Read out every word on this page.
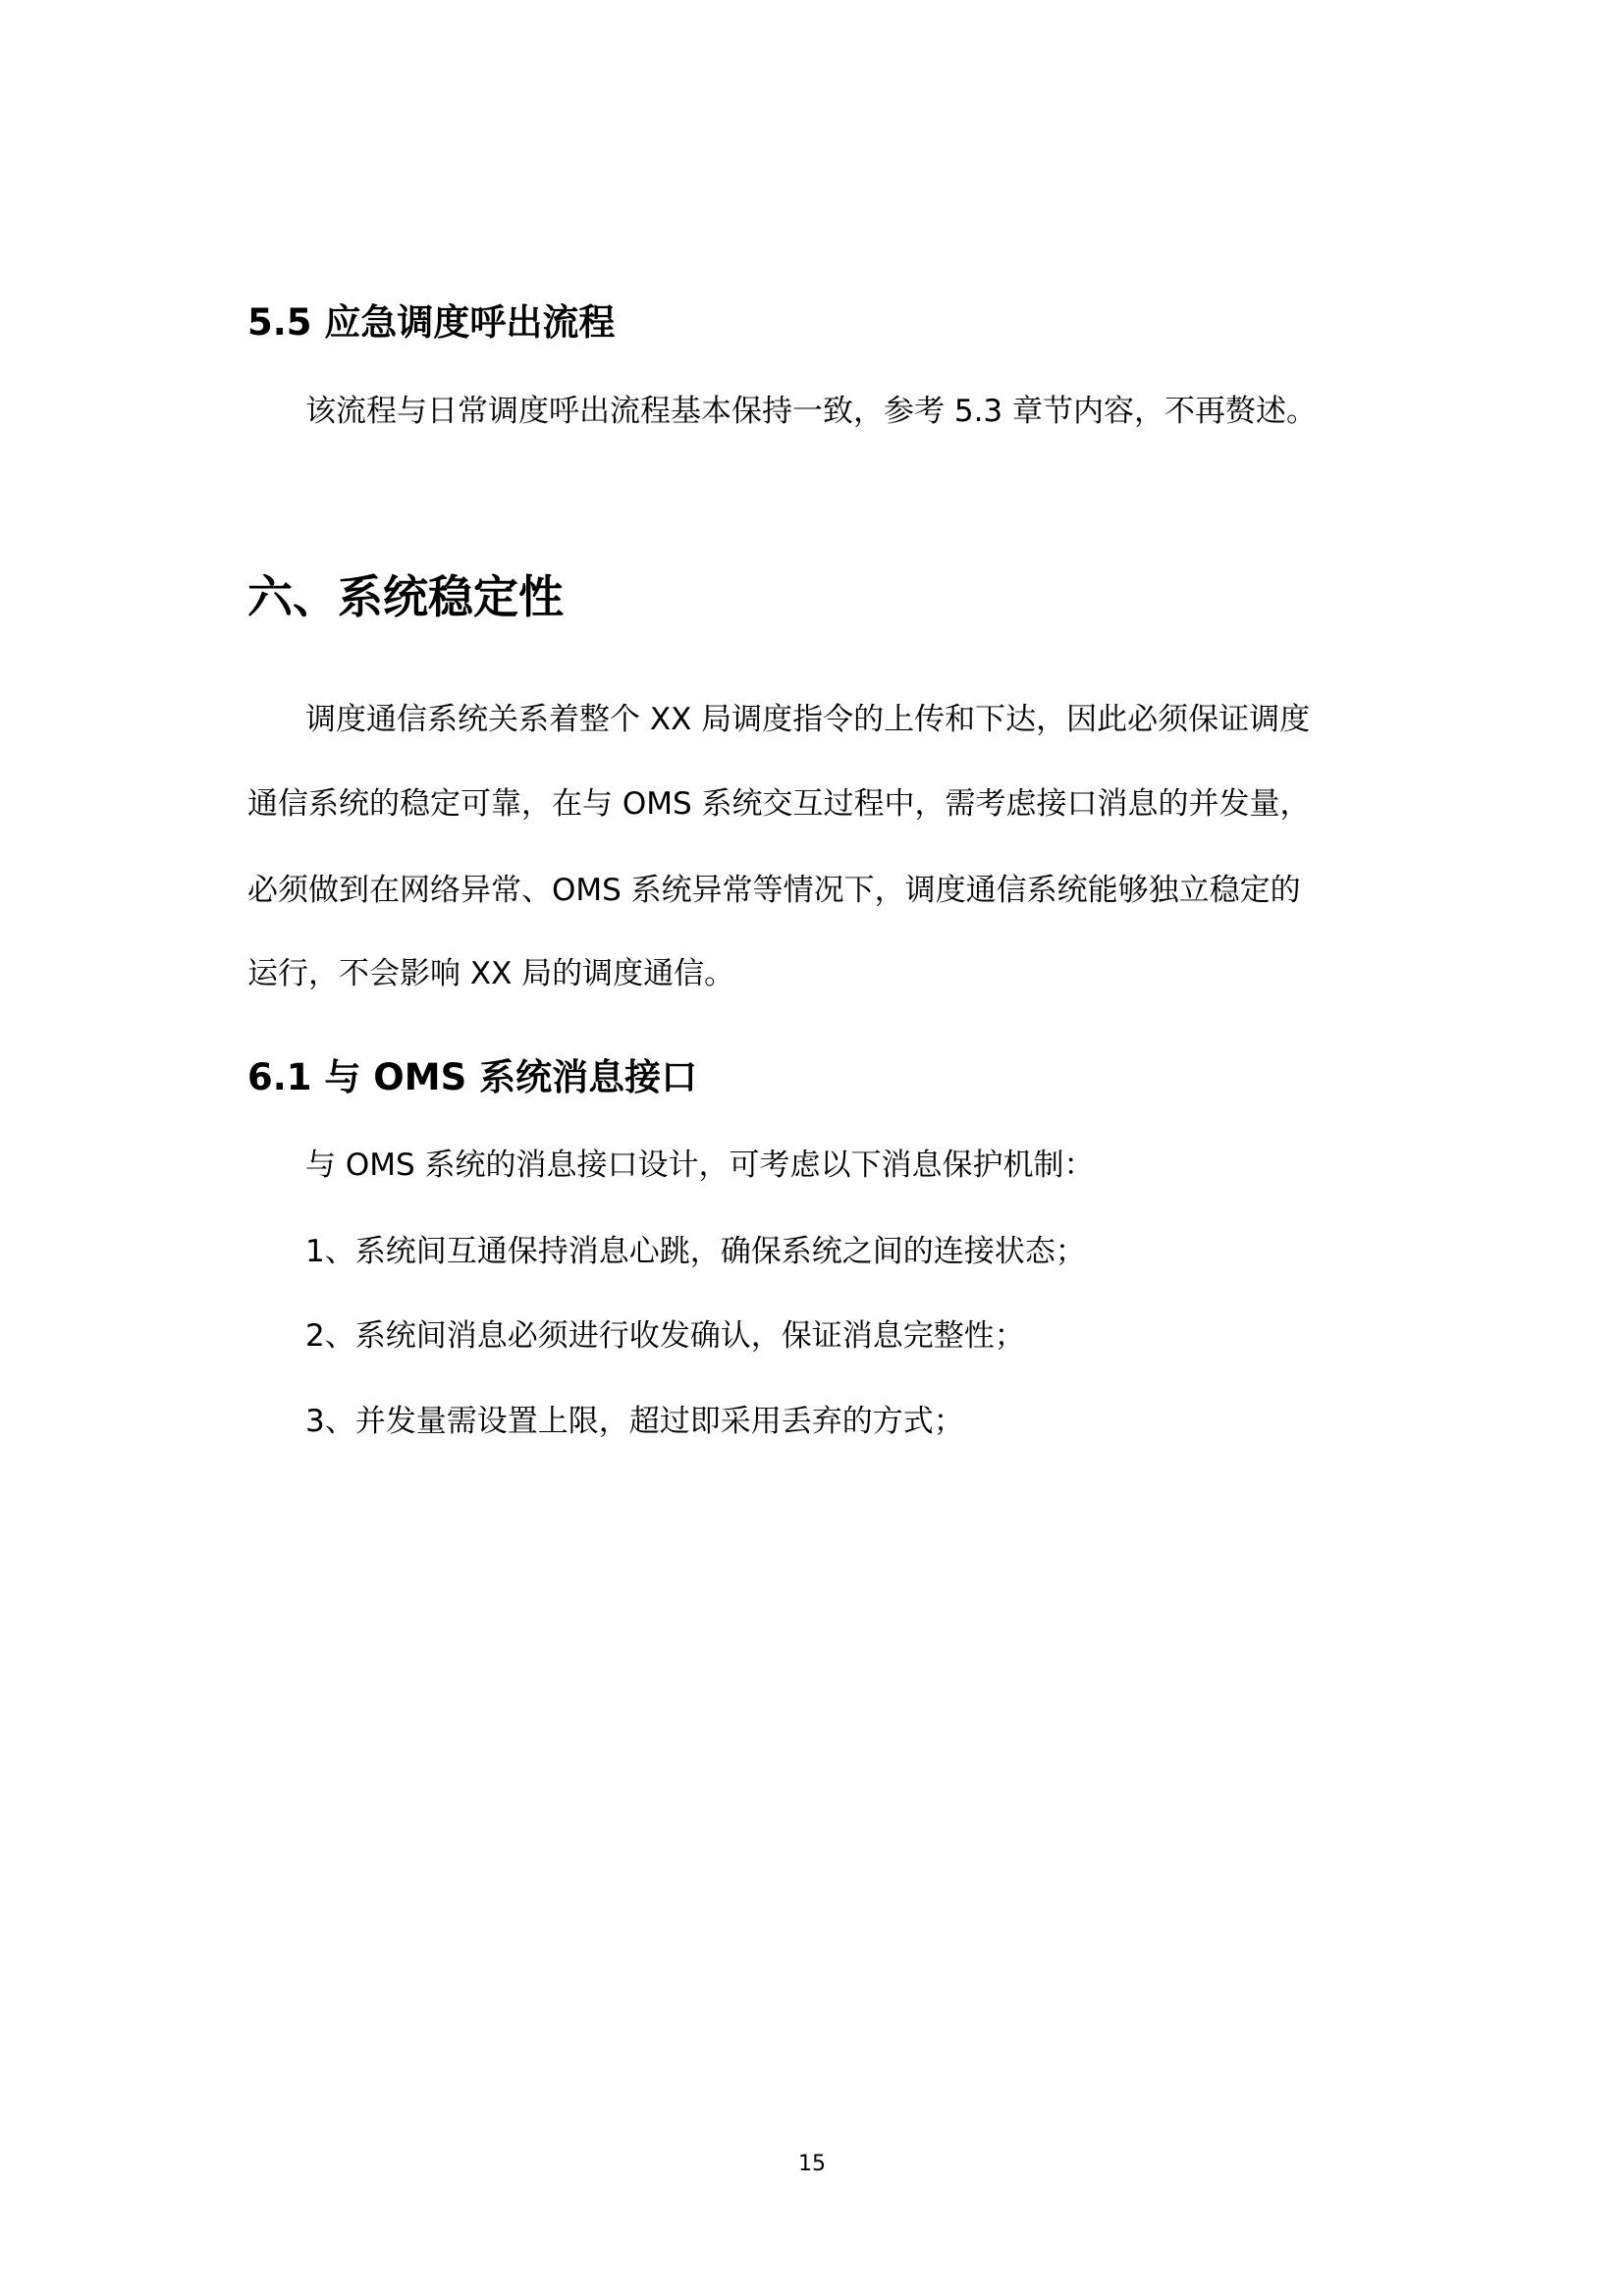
5.5 应急调度呼出流程
该流程与日常调度呼出流程基本保持一致，参考 5.3 章节内容，不再赘述。
六、系统稳定性
调度通信系统关系着整个 XX 局调度指令的上传和下达，因此必须保证调度
通信系统的稳定可靠，在与 OMS 系统交互过程中，需考虑接口消息的并发量，
必须做到在网络异常、OMS 系统异常等情况下，调度通信系统能够独立稳定的
运行，不会影响 XX 局的调度通信。
6.1 与 OMS 系统消息接口
与 OMS 系统的消息接口设计，可考虑以下消息保护机制：
1、系统间互通保持消息心跳，确保系统之间的连接状态；
2、系统间消息必须进行收发确认，保证消息完整性；
3、并发量需设置上限，超过即采用丢弃的方式；
15
